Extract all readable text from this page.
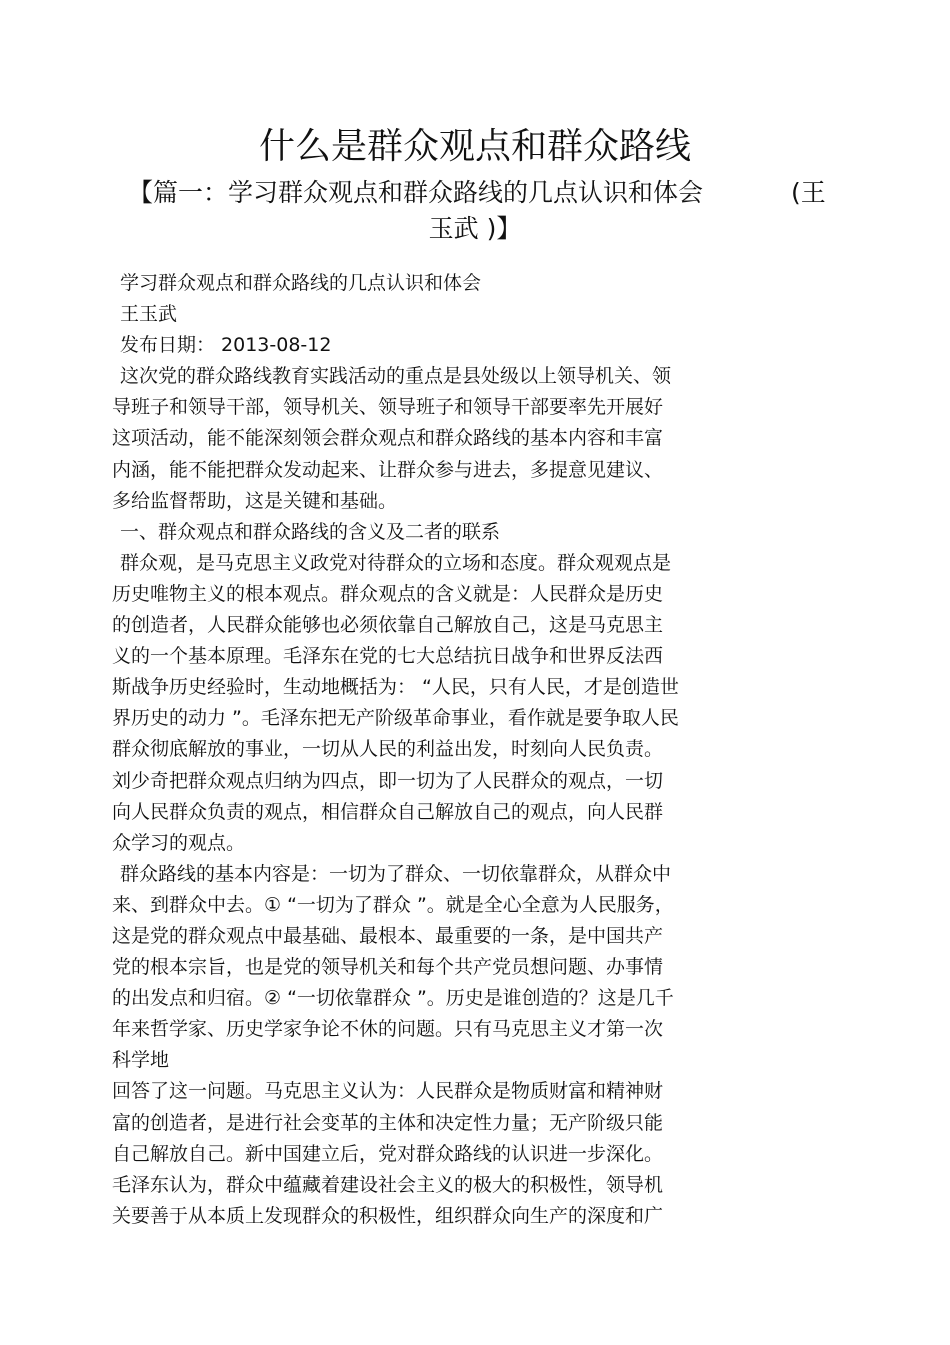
什么是群众观点和群众路线
【篇一：学习群众观点和群众路线的几点认识和体会	(王
玉武 )】
学习群众观点和群众路线的几点认识和体会
王玉武
发布日期： 2013-08-12
这次党的群众路线教育实践活动的重点是县处级以上领导机关、领
导班子和领导干部，领导机关、领导班子和领导干部要率先开展好
这项活动，能不能深刻领会群众观点和群众路线的基本内容和丰富
内涵，能不能把群众发动起来、让群众参与进去，多提意见建议、
多给监督帮助，这是关键和基础。
一、群众观点和群众路线的含义及二者的联系
群众观，是马克思主义政党对待群众的立场和态度。群众观观点是
历史唯物主义的根本观点。群众观点的含义就是：人民群众是历史
的创造者，人民群众能够也必须依靠自己解放自己，这是马克思主
义的一个基本原理。毛泽东在党的七大总结抗日战争和世界反法西
斯战争历史经验时，生动地概括为： “人民，只有人民，才是创造世
界历史的动力 ”。毛泽东把无产阶级革命事业，看作就是要争取人民
群众彻底解放的事业，一切从人民的利益出发，时刻向人民负责。
刘少奇把群众观点归纳为四点，即一切为了人民群众的观点，一切
向人民群众负责的观点，相信群众自己解放自己的观点，向人民群
众学习的观点。
群众路线的基本内容是：一切为了群众、一切依靠群众，从群众中
来、到群众中去。① “一切为了群众 ”。就是全心全意为人民服务，
这是党的群众观点中最基础、最根本、最重要的一条，是中国共产
党的根本宗旨，也是党的领导机关和每个共产党员想问题、办事情
的出发点和归宿。② “一切依靠群众 ”。历史是谁创造的？这是几千
年来哲学家、历史学家争论不休的问题。只有马克思主义才第一次
科学地
回答了这一问题。马克思主义认为：人民群众是物质财富和精神财
富的创造者，是进行社会变革的主体和决定性力量；无产阶级只能
自己解放自己。新中国建立后，党对群众路线的认识进一步深化。
毛泽东认为，群众中蕴藏着建设社会主义的极大的积极性，领导机
关要善于从本质上发现群众的积极性，组织群众向生产的深度和广
